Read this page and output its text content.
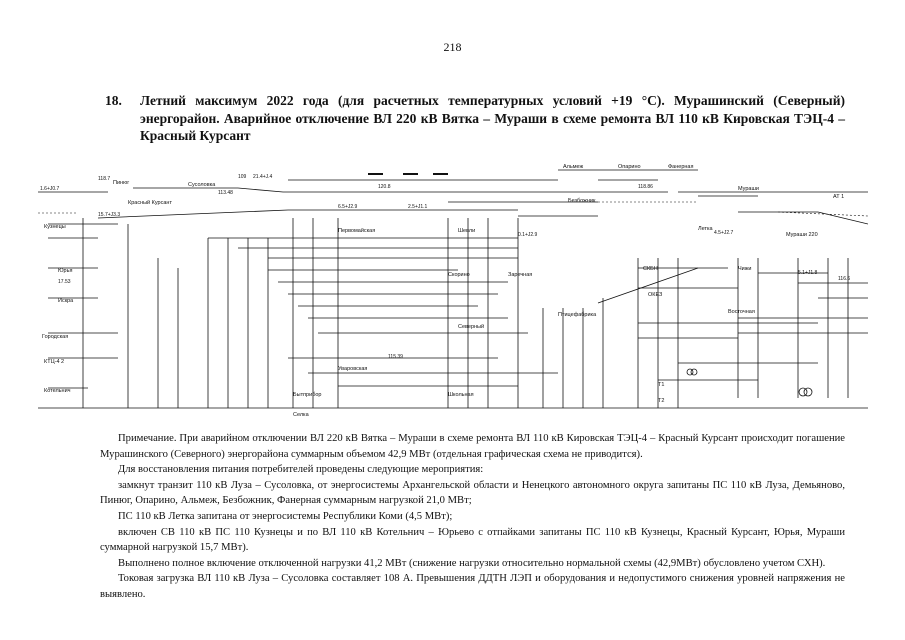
218
18. Летний максимум 2022 года (для расчетных температурных условий +19 °С). Мурашинский (Северный) энергорайон. Аварийное отключение ВЛ 220 кВ Вятка – Мураши в схеме ремонта ВЛ 110 кВ Кировская ТЭЦ-4 – Красный Курсант
Пинюг	Сусоловка
Красный Курсант
Кузнецы
Юрья
Искра
Городская
КТЦ-4 2
Котельнич
Альмеж	Опарино	Фанерная
Мураши
Мураши 220
Безбожник
Летка
АТ 1
Первомайская	Шевли
Заречная
Скорино
Северный
Уваровская
Бытприбор	Школьная
Птицефабрика
Чижи
СКБН
ОКЕЗ
Восточная
Селка
Т1
Т2
1.6+J0.7
15.7+J3.3
109 21.4+J.4
113.48
6.5+J2.9	2.5+J1.1
0.1+J2.9	4.5+J2.7
5.1+J1.8
118.7
120.8
17.53
115.39
118.86
116.6

Примечание. При аварийном отключении ВЛ 220 кВ Вятка – Мураши в схеме ремонта ВЛ 110 кВ Кировская ТЭЦ-4 – Красный Курсант происходит погашение Мурашинского (Северного) энергорайона суммарным объемом 42,9 МВт (отдельная графическая схема не приводится).

Для восстановления питания потребителей проведены следующие мероприятия:

замкнут транзит 110 кВ Луза – Сусоловка, от энергосистемы Архангельской области и Ненецкого автономного округа запитаны ПС 110 кВ Луза, Демьяново, Пинюг, Опарино, Альмеж, Безбожник, Фанерная суммарным нагрузкой 21,0 МВт;

ПС 110 кВ Летка запитана от энергосистемы Республики Коми (4,5 МВт);

включен СВ 110 кВ ПС 110 Кузнецы и по ВЛ 110 кВ Котельнич – Юрьево с отпайками запитаны ПС 110 кВ Кузнецы, Красный Курсант, Юрья, Мураши суммарной нагрузкой 15,7 МВт).

Выполнено полное включение отключенной нагрузки 41,2 МВт (снижение нагрузки относительно нормальной схемы (42,9МВт) обусловлено учетом СХН).

Токовая загрузка ВЛ 110 кВ Луза – Сусоловка составляет 108 А. Превышения ДДТН ЛЭП и оборудования и недопустимого снижения уровней напряжения не выявлено.
